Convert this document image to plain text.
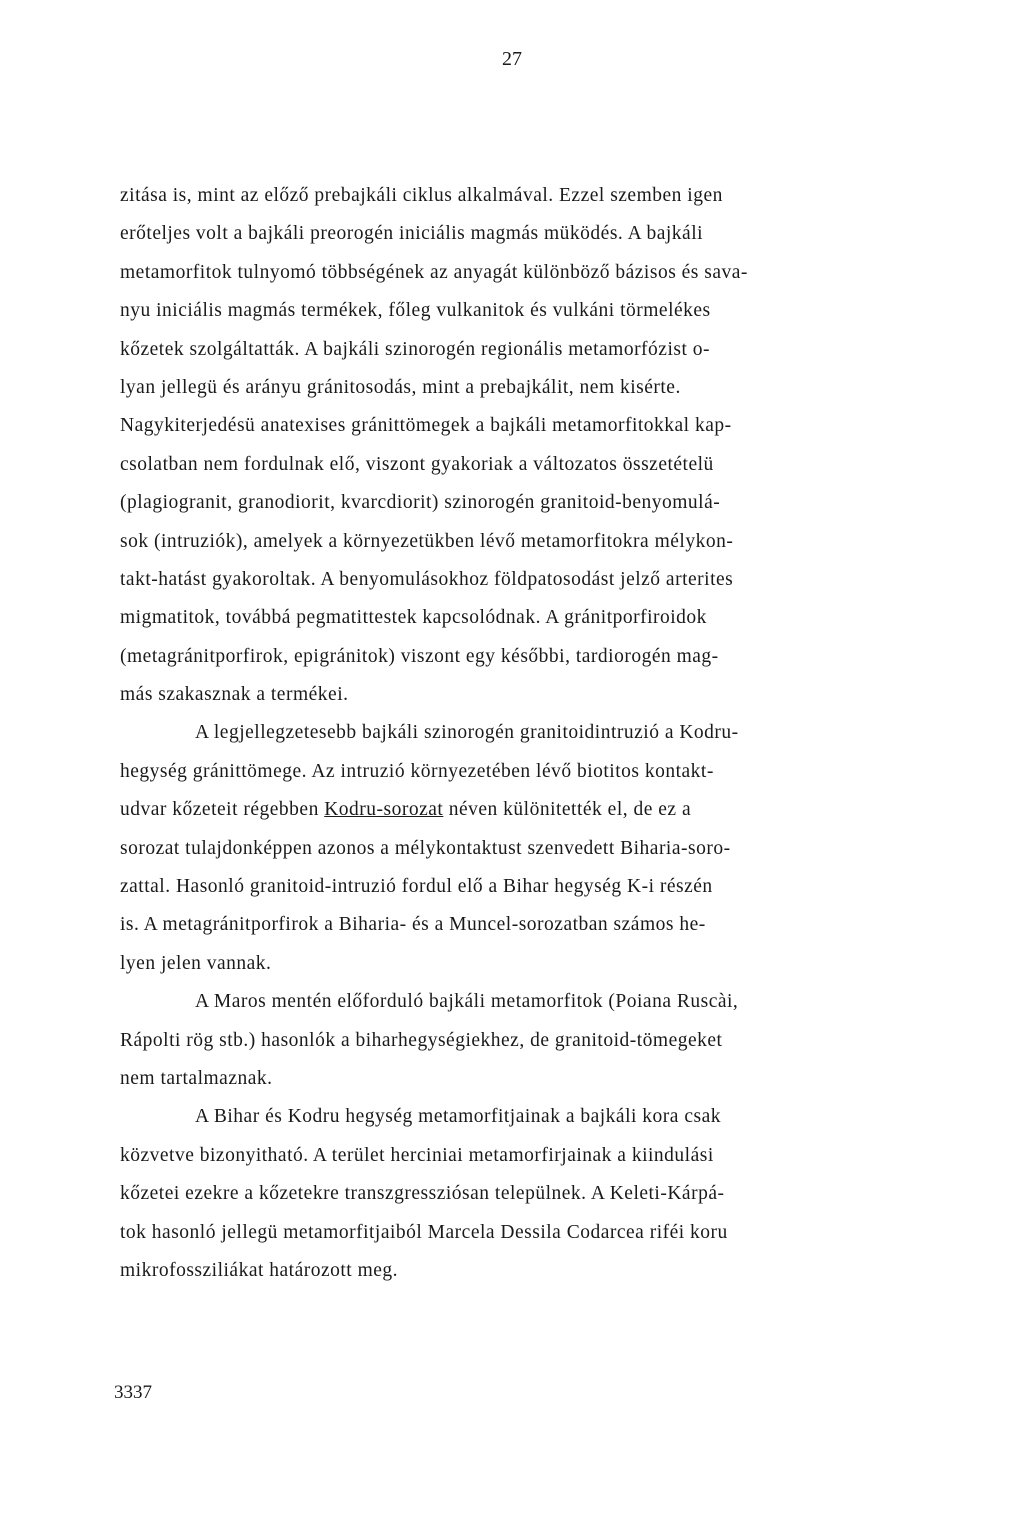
27
zitása is, mint az előző prebajkáli ciklus alkalmával. Ezzel szemben igen
erőteljes volt a bajkáli preorogén iniciális magmás müködés. A bajkáli
metamorfitok tulnyomó többségének az anyagát különböző bázisos és sava-
nyu iniciális magmás termékek, főleg vulkanitok és vulkáni törmelékes
kőzetek szolgáltatták. A bajkáli szinorogén regionális metamorfózist o-
lyan jellegü és arányu gránitosodás, mint a prebajkálit, nem kisérte.
Nagykiterjedésü anatexises gránittömegek a bajkáli metamorfitokkal kap-
csolatban nem fordulnak elő, viszont gyakoriak a változatos összetételü
(plagiogranit, granodiorit, kvarcdiorit) szinorogén granitoid-benyomulá-
sok (intruziók), amelyek a környezetükben lévő metamorfitokra mélykon-
takt-hatást gyakoroltak. A benyomulásokhoz földpatosodást jelző arterites
migmatitok, továbbá pegmatittestek kapcsolódnak. A gránitporfiroidok
(metagránitporfirok, epigránitok) viszont egy későbbi, tardiorogén mag-
más szakasznak a termékei.
A legjellegzetesebb bajkáli szinorogén granitoidintruzió a Kodru-
hegység gránittömege. Az intruzió környezetében lévő biotitos kontakt-
udvar kőzeteit régebben Kodru-sorozat néven különitették el, de ez a
sorozat tulajdonképpen azonos a mélykontaktust szenvedett Biharia-soro-
zattal. Hasonló granitoid-intruzió fordul elő a Bihar hegység K-i részén
is. A metagránitporfirok a Biharia- és a Muncel-sorozatban számos he-
lyen jelen vannak.
A Maros mentén előforduló bajkáli metamorfitok (Poiana Ruscài,
Rápolti rög stb.) hasonlók a biharhegységiekhez, de granitoid-tömegeket
nem tartalmaznak.
A Bihar és Kodru hegység metamorfitjainak a bajkáli kora csak
közvetve bizonyitható. A terület herciniai metamorfirjainak a kiindulási
kőzetei ezekre a kőzetekre transzgressziósan települnek. A Keleti-Kárpá-
tok hasonló jellegü metamorfitjaiból Marcela Dessila Codarcea riféi koru
mikrofossziliákat határozott meg.
3337
